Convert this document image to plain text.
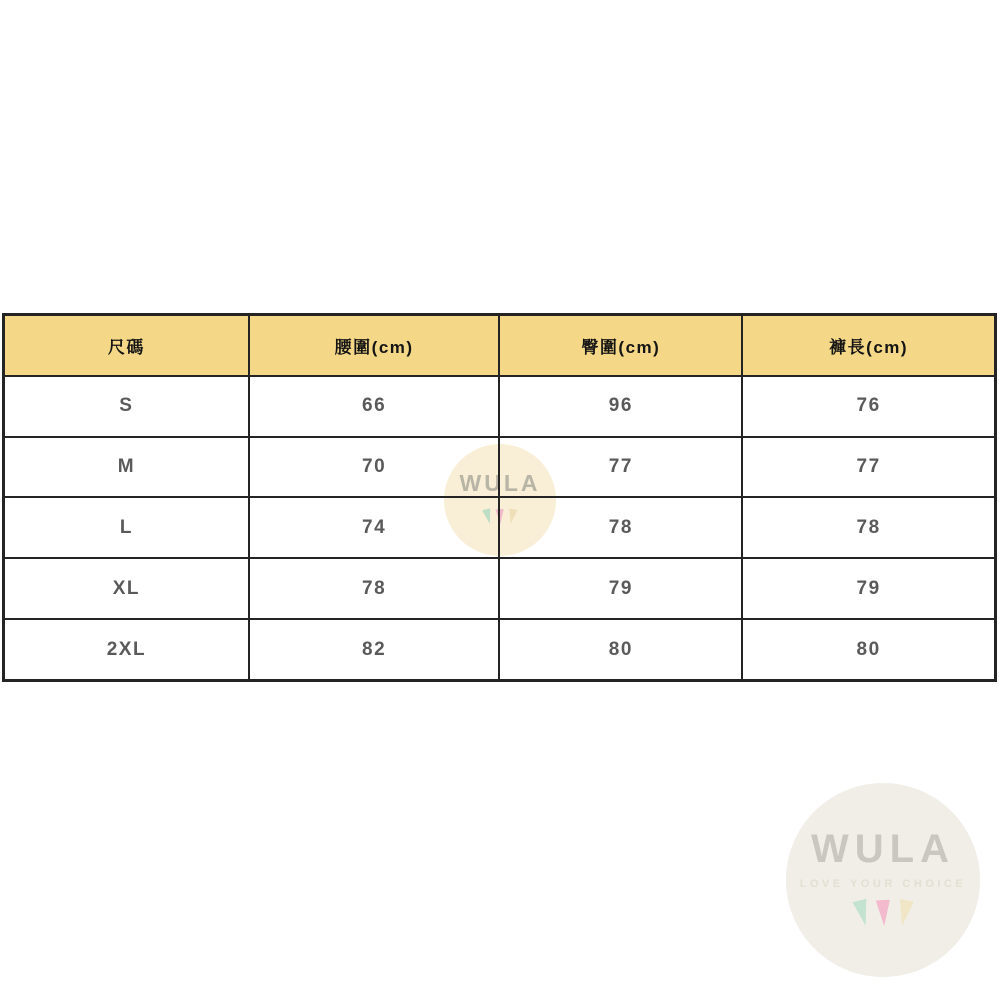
WULA
WULA
LOVE YOUR CHOICE
尺碼	腰圍(cm)	臀圍(cm)	褲長(cm)
S	66	96	76
M	70	77	77
L	74	78	78
XL	78	79	79
2XL	82	80	80
